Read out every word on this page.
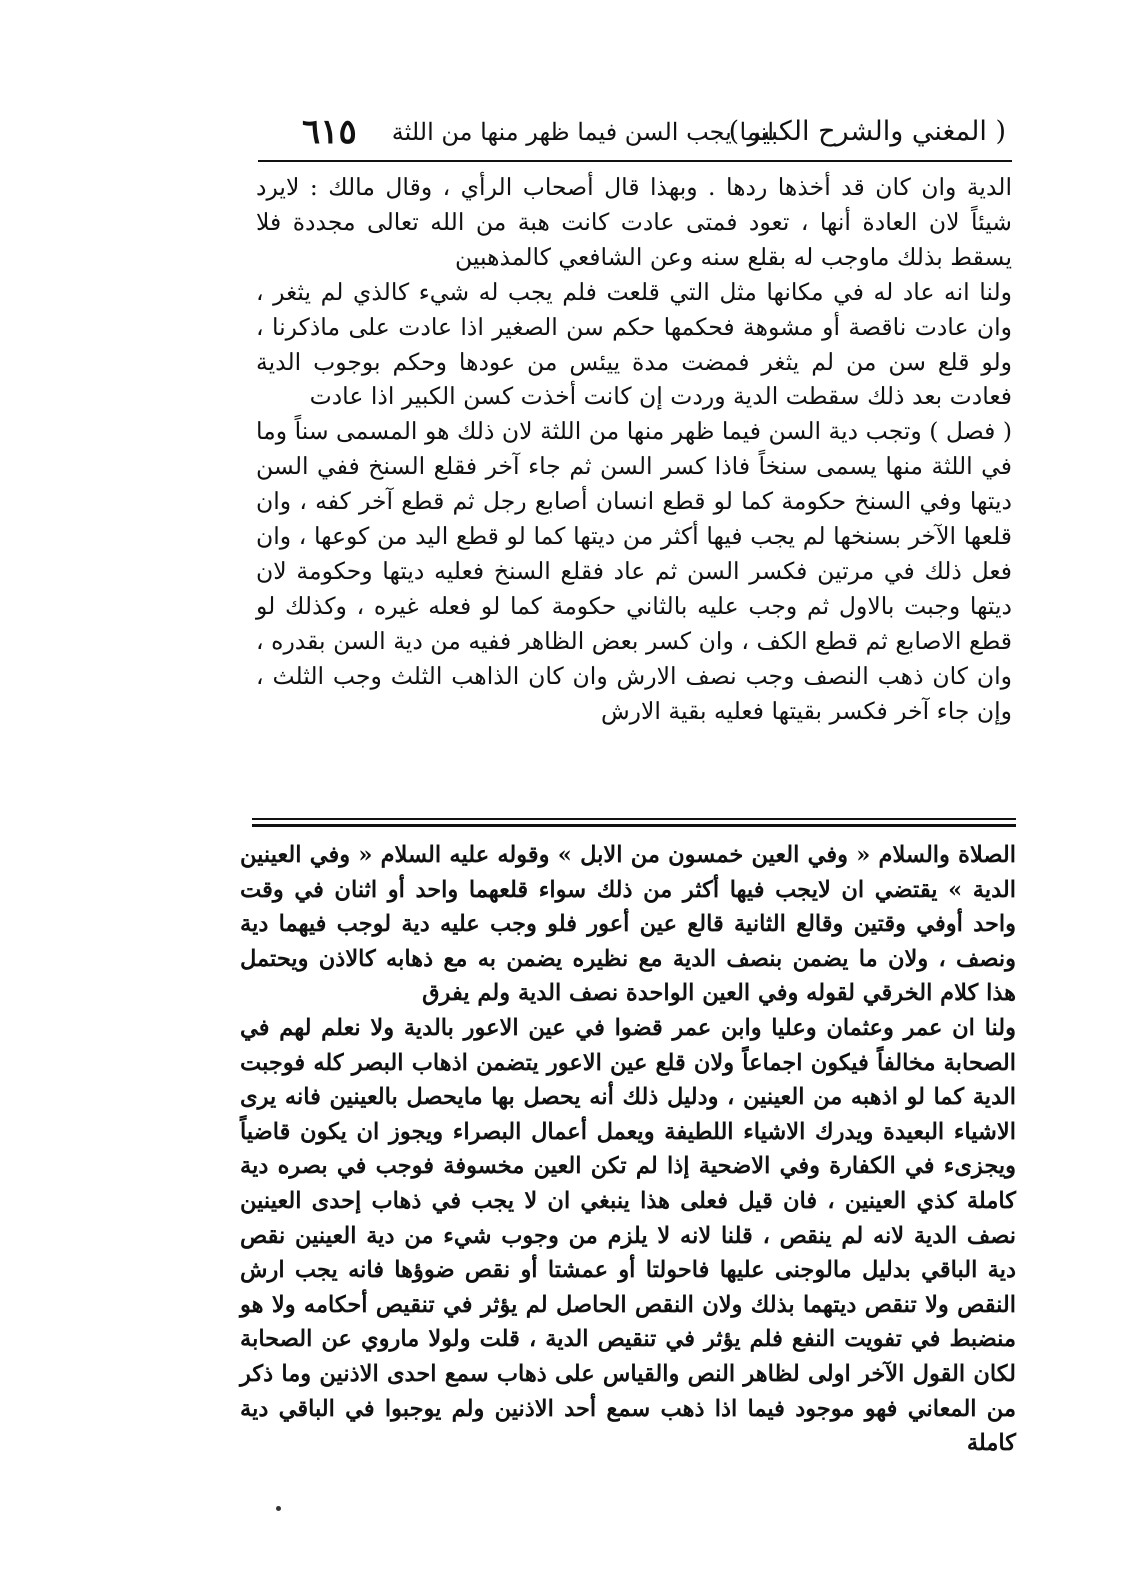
( المغني والشرح الكبير )
انما يجب السن فيما ظهر منها من اللثة
٦١٥

الدية وان كان قد أخذها ردها . وبهذا قال أصحاب الرأي ، وقال مالك : لايرد شيئاً لان العادة أنها ، تعود فمتى عادت كانت هبة من الله تعالى مجددة فلا يسقط بذلك ماوجب له بقلع سنه وعن الشافعي كالمذهبين

ولنا انه عاد له في مكانها مثل التي قلعت فلم يجب له شيء كالذي لم يثغر ، وان عادت ناقصة أو مشوهة فحكمها حكم سن الصغير اذا عادت على ماذكرنا ، ولو قلع سن من لم يثغر فمضت مدة ييئس من عودها وحكم بوجوب الدية فعادت بعد ذلك سقطت الدية وردت إن كانت أخذت كسن الكبير اذا عادت

( فصل ) وتجب دية السن فيما ظهر منها من اللثة لان ذلك هو المسمى سناً وما في اللثة منها يسمى سنخاً فاذا كسر السن ثم جاء آخر فقلع السنخ ففي السن ديتها وفي السنخ حكومة كما لو قطع انسان أصابع رجل ثم قطع آخر كفه ، وان قلعها الآخر بسنخها لم يجب فيها أكثر من ديتها كما لو قطع اليد من كوعها ، وان فعل ذلك في مرتين فكسر السن ثم عاد فقلع السنخ فعليه ديتها وحكومة لان ديتها وجبت بالاول ثم وجب عليه بالثاني حكومة كما لو فعله غيره ، وكذلك لو قطع الاصابع ثم قطع الكف ، وان كسر بعض الظاهر ففيه من دية السن بقدره ، وان كان ذهب النصف وجب نصف الارش وان كان الذاهب الثلث وجب الثلث ، وإن جاء آخر فكسر بقيتها فعليه بقية الارش

الصلاة والسلام « وفي العين خمسون من الابل » وقوله عليه السلام « وفي العينين الدية » يقتضي ان لايجب فيها أكثر من ذلك سواء قلعهما واحد أو اثنان في وقت واحد أوفي وقتين وقالع الثانية قالع عين أعور فلو وجب عليه دية لوجب فيهما دية ونصف ، ولان ما يضمن بنصف الدية مع نظيره يضمن به مع ذهابه كالاذن ويحتمل هذا كلام الخرقي لقوله وفي العين الواحدة نصف الدية ولم يفرق

ولنا ان عمر وعثمان وعليا وابن عمر قضوا في عين الاعور بالدية ولا نعلم لهم في الصحابة مخالفاً فيكون اجماعاً ولان قلع عين الاعور يتضمن اذهاب البصر كله فوجبت الدية كما لو اذهبه من العينين ، ودليل ذلك أنه يحصل بها مايحصل بالعينين فانه يرى الاشياء البعيدة ويدرك الاشياء اللطيفة ويعمل أعمال البصراء ويجوز ان يكون قاضياً ويجزىء في الكفارة وفي الاضحية إذا لم تكن العين مخسوفة فوجب في بصره دية كاملة كذي العينين ، فان قيل فعلى هذا ينبغي ان لا يجب في ذهاب إحدى العينين نصف الدية لانه لم ينقص ، قلنا لانه لا يلزم من وجوب شيء من دية العينين نقص دية الباقي بدليل مالوجنى عليها فاحولتا أو عمشتا أو نقص ضوؤها فانه يجب ارش النقص ولا تنقص ديتهما بذلك ولان النقص الحاصل لم يؤثر في تنقيص أحكامه ولا هو منضبط في تفويت النفع فلم يؤثر في تنقيص الدية ، قلت ولولا ماروي عن الصحابة لكان القول الآخر اولى لظاهر النص والقياس على ذهاب سمع احدى الاذنين وما ذكر من المعاني فهو موجود فيما اذا ذهب سمع أحد الاذنين ولم يوجبوا في الباقي دية كاملة
